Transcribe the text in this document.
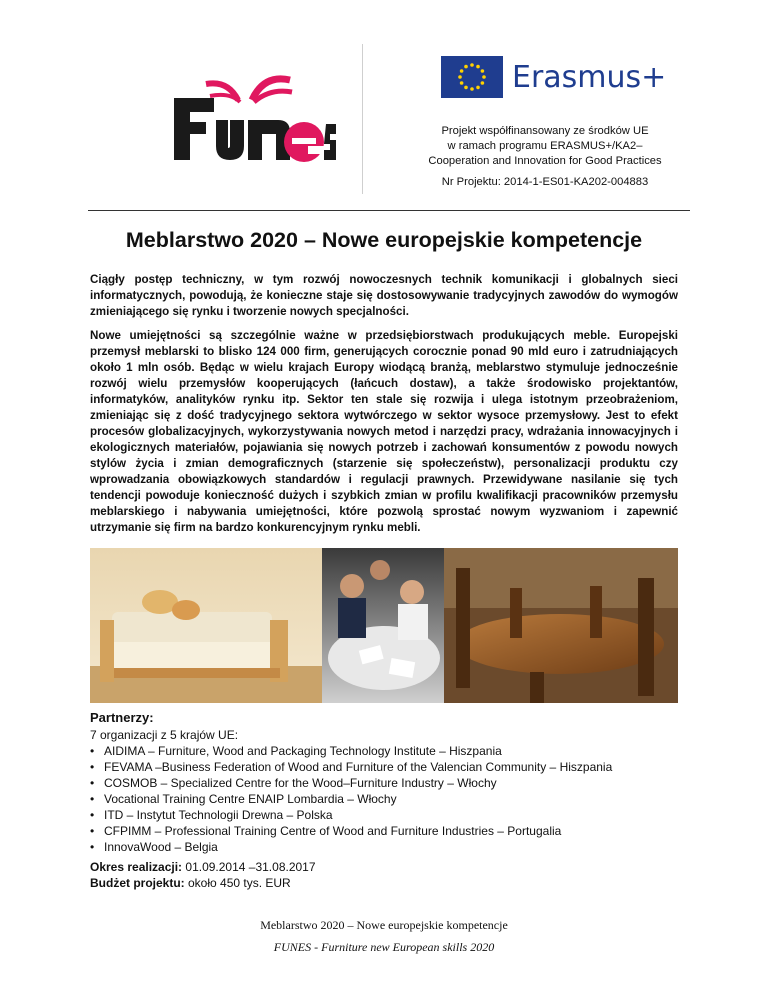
Erasmus+
Projekt współfinansowany ze środków UE
w ramach programu ERASMUS+/KA2–
Cooperation and Innovation for Good Practices
Nr Projektu: 2014-1-ES01-KA202-004883
Meblarstwo 2020 – Nowe europejskie kompetencje
Ciągły postęp techniczny, w tym rozwój nowoczesnych technik komunikacji i globalnych sieci informatycznych, powodują, że konieczne staje się dostosowywanie tradycyjnych zawodów do wymogów zmieniającego się rynku i tworzenie nowych specjalności.
Nowe umiejętności są szczególnie ważne w przedsiębiorstwach produkujących meble. Europejski przemysł meblarski to blisko 124 000 firm, generujących corocznie ponad 90 mld euro i zatrudniających około 1 mln osób. Będąc w wielu krajach Europy wiodącą branżą, meblarstwo stymuluje jednocześnie rozwój wielu przemysłów kooperujących (łańcuch dostaw), a także środowisko projektantów, informatyków, analityków rynku itp. Sektor ten stale się rozwija i ulega istotnym przeobrażeniom, zmieniając się z dość tradycyjnego sektora wytwórczego w sektor wysoce przemysłowy. Jest to efekt procesów globalizacyjnych, wykorzystywania nowych metod i narzędzi pracy, wdrażania innowacyjnych i ekologicznych materiałów, pojawiania się nowych potrzeb i zachowań konsumentów z powodu nowych stylów życia i zmian demograficznych (starzenie się społeczeństw), personalizacji produktu czy wprowadzania obowiązkowych standardów i regulacji prawnych. Przewidywane nasilanie się tych tendencji powoduje konieczność dużych i szybkich zmian w profilu kwalifikacji pracowników przemysłu meblarskiego i nabywania umiejętności, które pozwolą sprostać nowym wyzwaniom i zapewnić utrzymanie się firm na bardzo konkurencyjnym rynku mebli.
Partnerzy:
7 organizacji z 5 krajów UE:
• AIDIMA – Furniture, Wood and Packaging Technology Institute – Hiszpania
• FEVAMA –Business Federation of Wood and Furniture of the Valencian Community – Hiszpania
• COSMOB – Specialized Centre for the Wood–Furniture Industry – Włochy
• Vocational Training Centre ENAIP Lombardia – Włochy
• ITD – Instytut Technologii Drewna – Polska
• CFPIMM – Professional Training Centre of Wood and Furniture Industries – Portugalia
• InnovaWood – Belgia
Okres realizacji: 01.09.2014 –31.08.2017
Budżet projektu: około 450 tys. EUR
Meblarstwo 2020 – Nowe europejskie kompetencje
FUNES - Furniture new European skills 2020
